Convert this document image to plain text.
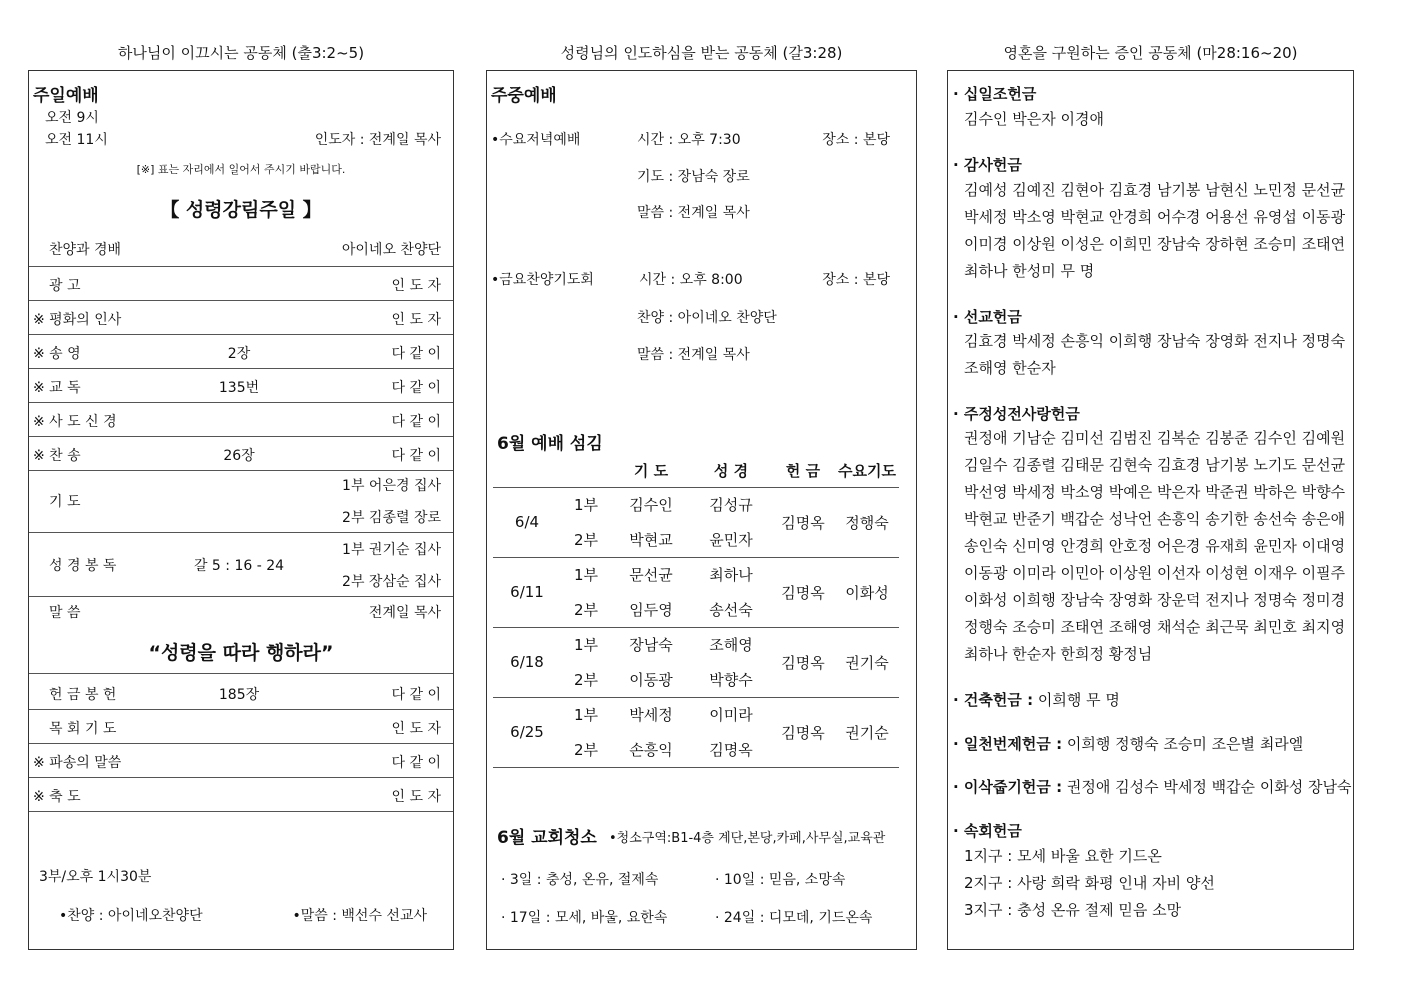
하나님이 이끄시는 공동체 (출3:2~5)	성령님의 인도하심을 받는 공동체 (갈3:28)	영혼을 구원하는 증인 공동체 (마28:16~20)
주일예배
오전 9시
오전 11시	인도자 : 전계일 목사
[※] 표는 자리에서 일어서 주시기 바랍니다.
【 성령강림주일 】
찬양과 경배	아이네오 찬양단
광 고	인 도 자
※ 평화의 인사	인 도 자
※ 송 영	2장	다 같 이
※ 교 독	135번	다 같 이
※ 사 도 신 경	다 같 이
※ 찬 송	26장	다 같 이
기 도
1부 어은경 집사
2부 김종렬 장로
성 경 봉 독	갈 5 : 16 - 24
1부 권기순 집사
2부 장삼순 집사
말 씀	전계일 목사
“성령을 따라 행하라”
헌 금 봉 헌	185장	다 같 이
목 회 기 도	인 도 자
※ 파송의 말씀	다 같 이
※ 축 도	인 도 자
3부/오후 1시30분
•찬양 : 아이네오찬양단	•말씀 : 백선수 선교사
주중예배
•수요저녁예배	시간 : 오후 7:30	장소 : 본당
기도 : 장남숙 장로
말씀 : 전계일 목사
•금요찬양기도회	시간 : 오후 8:00	장소 : 본당
찬양 : 아이네오 찬양단
말씀 : 전계일 목사
6월 예배 섬김
		기 도	성 경	헌 금	수요기도
6/4	1부	김수인	김성규	김명옥	정행숙
	2부	박현교	윤민자		
6/11	1부	문선균	최하나	김명옥	이화성
	2부	임두영	송선숙		
6/18	1부	장남숙	조해영	김명옥	권기숙
	2부	이동광	박향수		
6/25	1부	박세정	이미라	김명옥	권기순
	2부	손흥익	김명옥		
6월 교회청소 •청소구역:B1-4층 계단,본당,카페,사무실,교육관
· 3일 : 충성, 온유, 절제속	· 10일 : 믿음, 소망속
· 17일 : 모세, 바울, 요한속	· 24일 : 디모데, 기드온속
· 십일조헌금
김수인 박은자 이경애
· 감사헌금
김예성 김예진 김현아 김효경 남기봉 남현신 노민정 문선균
박세정 박소영 박현교 안경희 어수경 어용선 유영섭 이동광
이미경 이상원 이성은 이희민 장남숙 장하현 조승미 조태연
최하나 한성미 무 명
· 선교헌금
김효경 박세정 손흥익 이희행 장남숙 장영화 전지나 정명숙
조해영 한순자
· 주정성전사랑헌금
권정애 기남순 김미선 김범진 김복순 김봉준 김수인 김예원
김일수 김종렬 김태문 김현숙 김효경 남기봉 노기도 문선균
박선영 박세정 박소영 박예은 박은자 박준권 박하은 박향수
박현교 반준기 백갑순 성낙언 손흥익 송기한 송선숙 송은애
송인숙 신미영 안경희 안호정 어은경 유재희 윤민자 이대영
이동광 이미라 이민아 이상원 이선자 이성현 이재우 이필주
이화성 이희행 장남숙 장영화 장운덕 전지나 정명숙 정미경
정행숙 조승미 조태연 조해영 채석순 최근묵 최민호 최지영
최하나 한순자 한희정 황정님
· 건축헌금 : 이희행 무 명
· 일천번제헌금 : 이희행 정행숙 조승미 조은별 최라엘
· 이삭줍기헌금 : 권정애 김성수 박세정 백갑순 이화성 장남숙
· 속회헌금
1지구 : 모세 바울 요한 기드온
2지구 : 사랑 희락 화평 인내 자비 양선
3지구 : 충성 온유 절제 믿음 소망
